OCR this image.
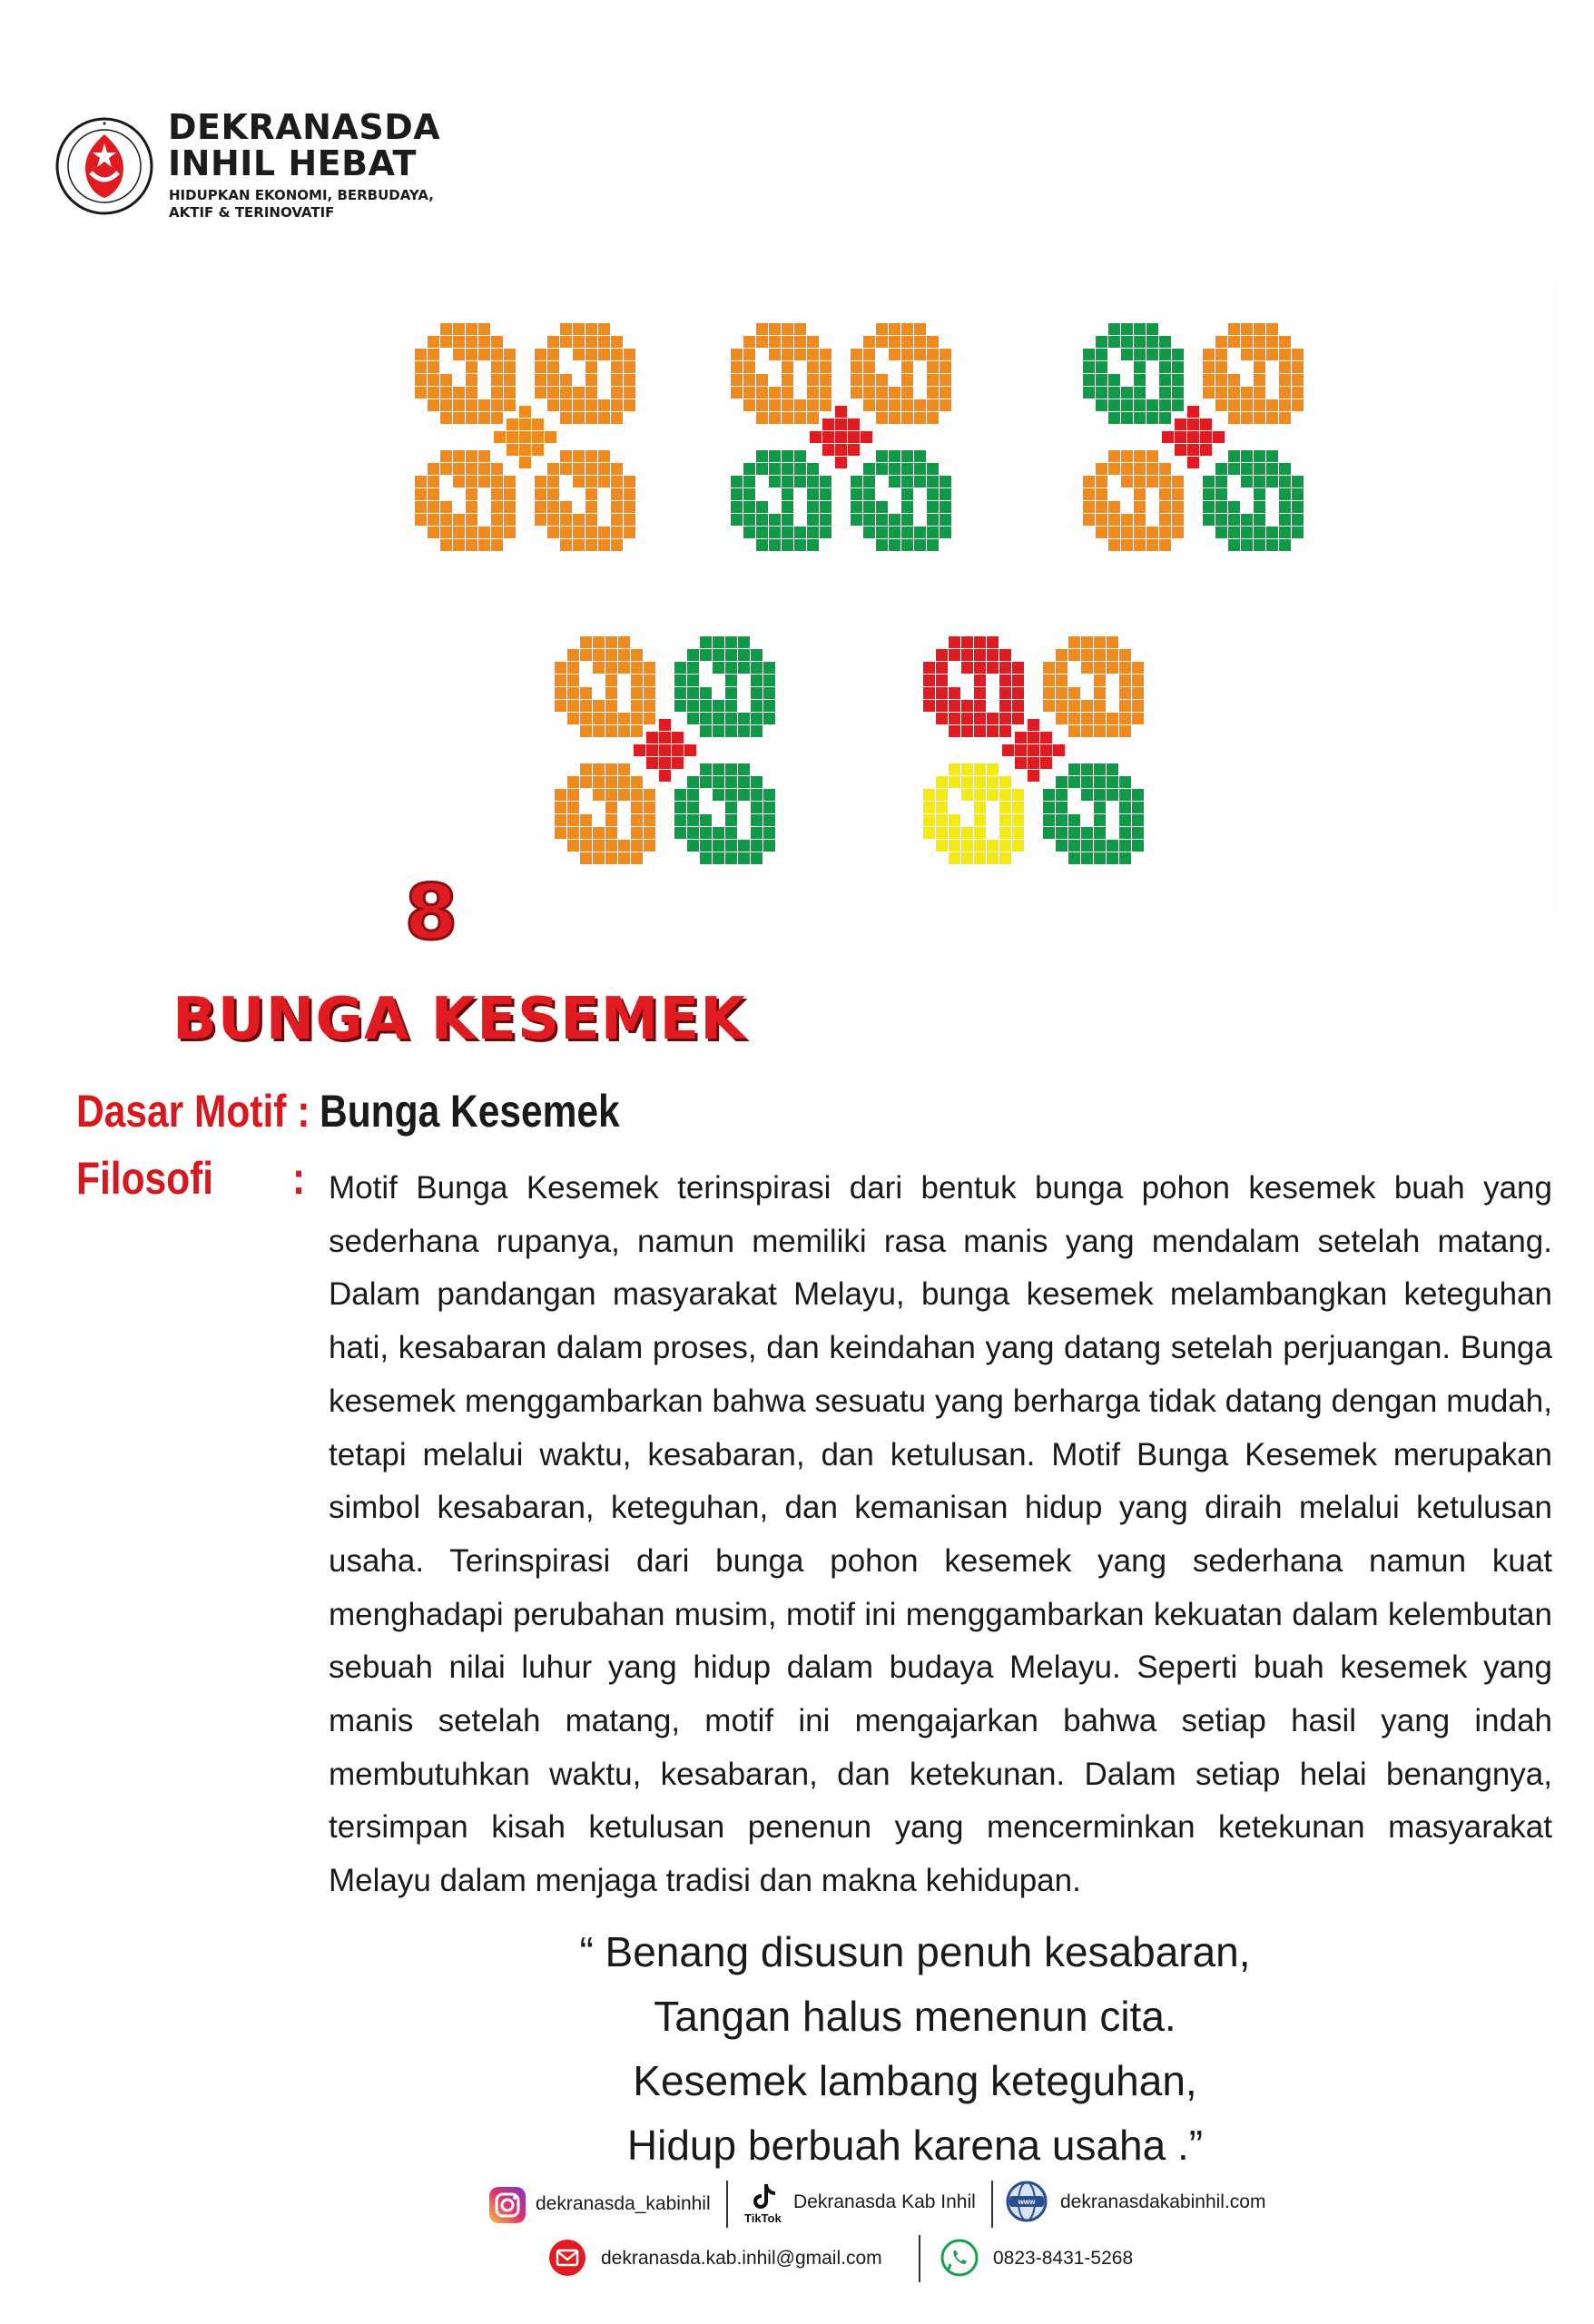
DEKRANASDA
INHIL HEBAT
HIDUPKAN EKONOMI, BERBUDAYA,
AKTIF & TERINOVATIF
8
BUNGA KESEMEK
Dasar Motif : Bunga Kesemek
Filosofi : Motif Bunga Kesemek terinspirasi dari bentuk bunga pohon kesemek buah yang sederhana rupanya, namun memiliki rasa manis yang mendalam setelah matang. Dalam pandangan masyarakat Melayu, bunga kesemek melambangkan keteguhan hati, kesabaran dalam proses, dan keindahan yang datang setelah perjuangan. Bunga kesemek menggambarkan bahwa sesuatu yang berharga tidak datang dengan mudah, tetapi melalui waktu, kesabaran, dan ketulusan. Motif Bunga Kesemek merupakan simbol kesabaran, keteguhan, dan kemanisan hidup yang diraih melalui ketulusan usaha. Terinspirasi dari bunga pohon kesemek yang sederhana namun kuat menghadapi perubahan musim, motif ini menggambarkan kekuatan dalam kelembutan sebuah nilai luhur yang hidup dalam budaya Melayu. Seperti buah kesemek yang manis setelah matang, motif ini mengajarkan bahwa setiap hasil yang indah membutuhkan waktu, kesabaran, dan ketekunan. Dalam setiap helai benangnya, tersimpan kisah ketulusan penenun yang mencerminkan ketekunan masyarakat Melayu dalam menjaga tradisi dan makna kehidupan.
“ Benang disusun penuh kesabaran,
Tangan halus menenun cita.
Kesemek lambang keteguhan,
Hidup berbuah karena usaha .”
dekranasda_kabinhil
TikTok
Dekranasda Kab Inhil	www dekranasdakabinhil.com
dekranasda.kab.inhil@gmail.com	0823-8431-5268
